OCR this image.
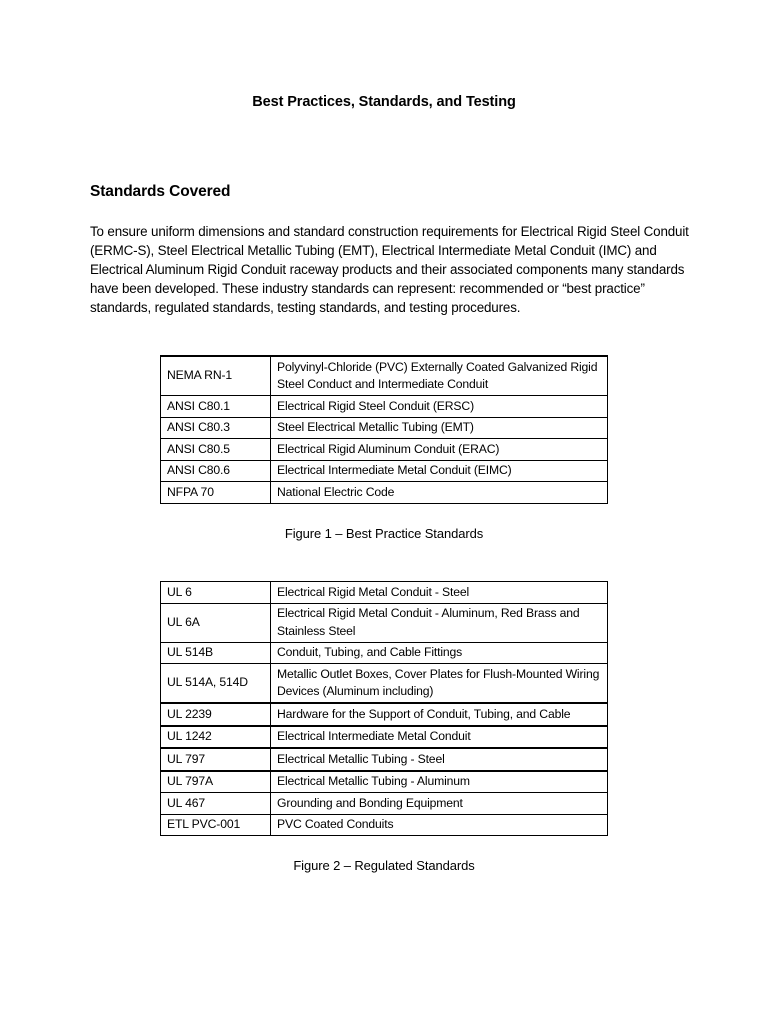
Best Practices, Standards, and Testing
Standards Covered
To ensure uniform dimensions and standard construction requirements for Electrical Rigid Steel Conduit (ERMC-S), Steel Electrical Metallic Tubing (EMT), Electrical Intermediate Metal Conduit (IMC) and Electrical Aluminum Rigid Conduit raceway products and their associated components many standards have been developed. These industry standards can represent: recommended or “best practice” standards, regulated standards, testing standards, and testing procedures.
NEMA RN-1	Polyvinyl-Chloride (PVC) Externally Coated Galvanized Rigid Steel Conduct and Intermediate Conduit
ANSI C80.1	Electrical Rigid Steel Conduit (ERSC)
ANSI C80.3	Steel Electrical Metallic Tubing (EMT)
ANSI C80.5	Electrical Rigid Aluminum Conduit (ERAC)
ANSI C80.6	Electrical Intermediate Metal Conduit (EIMC)
NFPA 70	National Electric Code
Figure 1 – Best Practice Standards
UL 6	Electrical Rigid Metal Conduit - Steel
UL 6A	Electrical Rigid Metal Conduit - Aluminum, Red Brass and Stainless Steel
UL 514B	Conduit, Tubing, and Cable Fittings
UL 514A, 514D	Metallic Outlet Boxes, Cover Plates for Flush-Mounted Wiring Devices (Aluminum including)
UL 2239	Hardware for the Support of Conduit, Tubing, and Cable
UL 1242	Electrical Intermediate Metal Conduit
UL 797	Electrical Metallic Tubing - Steel
UL 797A	Electrical Metallic Tubing - Aluminum
UL 467	Grounding and Bonding Equipment
ETL PVC-001	PVC Coated Conduits
Figure 2 – Regulated Standards
